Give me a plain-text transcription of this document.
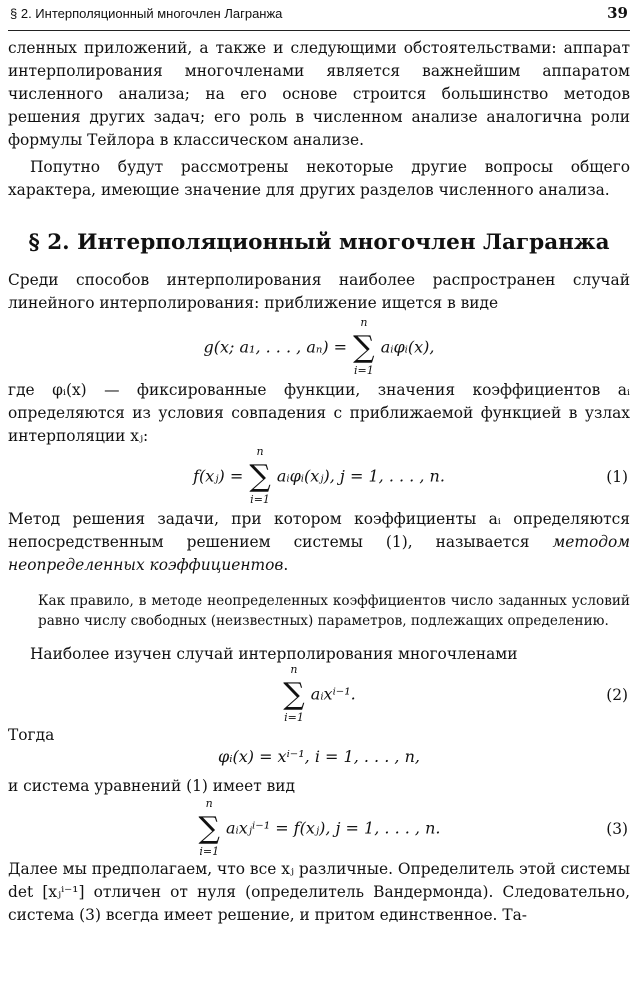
§ 2. Интерполяционный многочлен Лагранжа	39

сленных приложений, а также и следующими обстоятельствами: аппарат интерполирования многочленами является важнейшим аппаратом численного анализа; на его основе строится большинство методов решения других задач; его роль в численном анализе аналогична роли формулы Тейлора в классическом анализе.

Попутно будут рассмотрены некоторые другие вопросы общего характера, имеющие значение для других разделов численного анализа.

§ 2. Интерполяционный многочлен Лагранжа

Среди способов интерполирования наиболее распространен случай линейного интерполирования: приближение ищется в виде

g(x; a₁, . . . , aₙ) = ∑
n
i=1
aᵢφᵢ(x),

где φᵢ(x) — фиксированные функции, значения коэффициентов aᵢ определяются из условия совпадения с приближаемой функцией в узлах интерполяции xⱼ:

f(xⱼ) = ∑
n
i=1
aᵢφᵢ(xⱼ), j = 1, . . . , n.	(1)

Метод решения задачи, при котором коэффициенты aᵢ определяются непосредственным решением системы (1), называется методом неопределенных коэффициентов.

Как правило, в методе неопределенных коэффициентов число заданных условий равно числу свободных (неизвестных) параметров, подлежащих определению.

Наиболее изучен случай интерполирования многочленами

∑
n
i=1
aᵢxⁱ⁻¹.	(2)

Тогда

φᵢ(x) = xⁱ⁻¹, i = 1, . . . , n,

и система уравнений (1) имеет вид

∑
n
i=1
aᵢxⱼⁱ⁻¹ = f(xⱼ), j = 1, . . . , n.	(3)

Далее мы предполагаем, что все xⱼ различные. Определитель этой системы det [xⱼⁱ⁻¹] отличен от нуля (определитель Вандермонда). Следовательно, система (3) всегда имеет решение, и притом единственное. Та-
